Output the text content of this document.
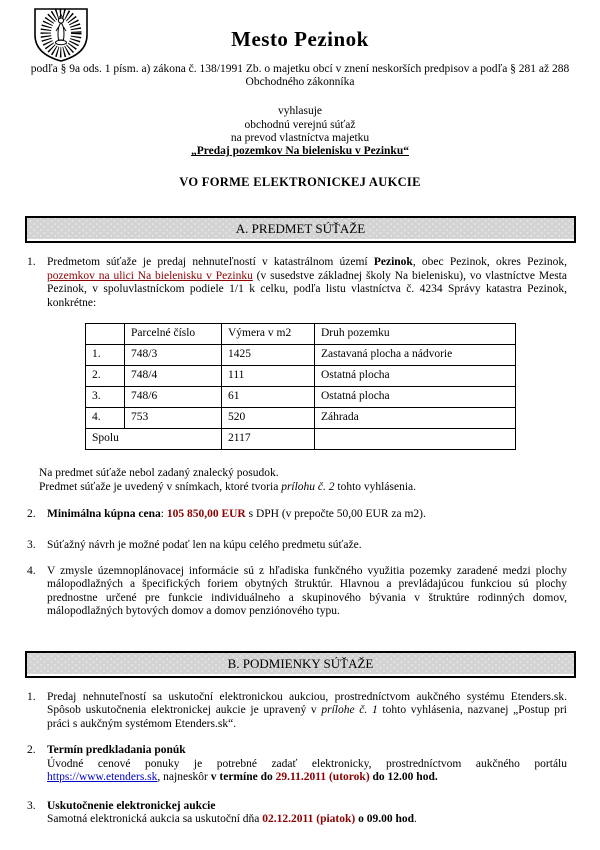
Mesto Pezinok

podľa § 9a ods. 1 písm. a) zákona č. 138/1991 Zb. o majetku obcí v znení neskorších predpisov a podľa § 281 až 288 Obchodného zákonníka

vyhlasuje
obchodnú verejnú súťaž
na prevod vlastníctva majetku
„Predaj pozemkov Na bielenisku v Pezinku“
VO FORME ELEKTRONICKEJ AUKCIE
A. PREDMET SÚŤAŽE
1. Predmetom súťaže je predaj nehnuteľností v katastrálnom území Pezinok, obec Pezinok, okres Pezinok, pozemkov na ulici Na bielenisku v Pezinku (v susedstve základnej školy Na bielenisku), vo vlastníctve Mesta Pezinok, v spoluvlastníckom podiele 1/1 k celku, podľa listu vlastníctva č. 4234 Správy katastra Pezinok, konkrétne:
	Parcelné číslo	Výmera v m2	Druh pozemku
1.	748/3	1425	Zastavaná plocha a nádvorie
2.	748/4	111	Ostatná plocha
3.	748/6	61	Ostatná plocha
4.	753	520	Záhrada
Spolu		2117	
Na predmet súťaže nebol zadaný znalecký posudok.
Predmet súťaže je uvedený v snímkach, ktoré tvoria prílohu č. 2 tohto vyhlásenia.
2. Minimálna kúpna cena: 105 850,00 EUR s DPH (v prepočte 50,00 EUR za m2).
3. Súťažný návrh je možné podať len na kúpu celého predmetu súťaže.
4. V zmysle územnoplánovacej informácie sú z hľadiska funkčného využitia pozemky zaradené medzi plochy málopodlažných a špecifických foriem obytných štruktúr. Hlavnou a prevládajúcou funkciou sú plochy prednostne určené pre funkcie individuálneho a skupinového bývania v štruktúre rodinných domov, málopodlažných bytových domov a domov penziónového typu.
B. PODMIENKY SÚŤAŽE
1. Predaj nehnuteľností sa uskutoční elektronickou aukciou, prostredníctvom aukčného systému Etenders.sk. Spôsob uskutočnenia elektronickej aukcie je upravený v prílohe č. 1 tohto vyhlásenia, nazvanej „Postup pri práci s aukčným systémom Etenders.sk“.
2. Termín predkladania ponúk
Úvodné cenové ponuky je potrebné zadať elektronicky, prostredníctvom aukčného portálu https://www.etenders.sk, najneskôr v termíne do 29.11.2011 (utorok) do 12.00 hod.
3. Uskutočnenie elektronickej aukcie
Samotná elektronická aukcia sa uskutoční dňa 02.12.2011 (piatok) o 09.00 hod.
